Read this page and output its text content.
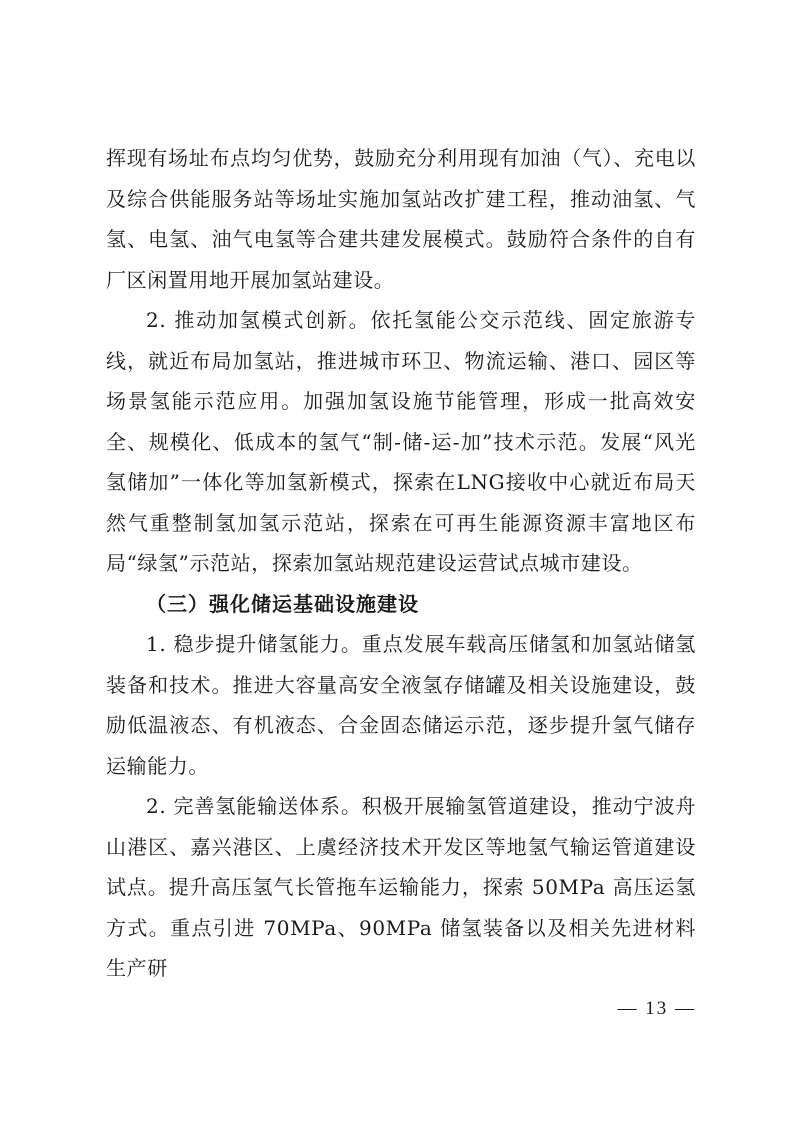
挥现有场址布点均匀优势，鼓励充分利用现有加油（气）、充电以及综合供能服务站等场址实施加氢站改扩建工程，推动油氢、气氢、电氢、油气电氢等合建共建发展模式。鼓励符合条件的自有厂区闲置用地开展加氢站建设。

2. 推动加氢模式创新。依托氢能公交示范线、固定旅游专线，就近布局加氢站，推进城市环卫、物流运输、港口、园区等场景氢能示范应用。加强加氢设施节能管理，形成一批高效安全、规模化、低成本的氢气“制-储-运-加”技术示范。发展“风光氢储加”一体化等加氢新模式，探索在LNG接收中心就近布局天然气重整制氢加氢示范站，探索在可再生能源资源丰富地区布局“绿氢”示范站，探索加氢站规范建设运营试点城市建设。

（三）强化储运基础设施建设

1. 稳步提升储氢能力。重点发展车载高压储氢和加氢站储氢装备和技术。推进大容量高安全液氢存储罐及相关设施建设，鼓励低温液态、有机液态、合金固态储运示范，逐步提升氢气储存运输能力。

2. 完善氢能输送体系。积极开展输氢管道建设，推动宁波舟山港区、嘉兴港区、上虞经济技术开发区等地氢气输运管道建设试点。提升高压氢气长管拖车运输能力，探索 50MPa 高压运氢方式。重点引进 70MPa、90MPa 储氢装备以及相关先进材料生产研

— 13 —
